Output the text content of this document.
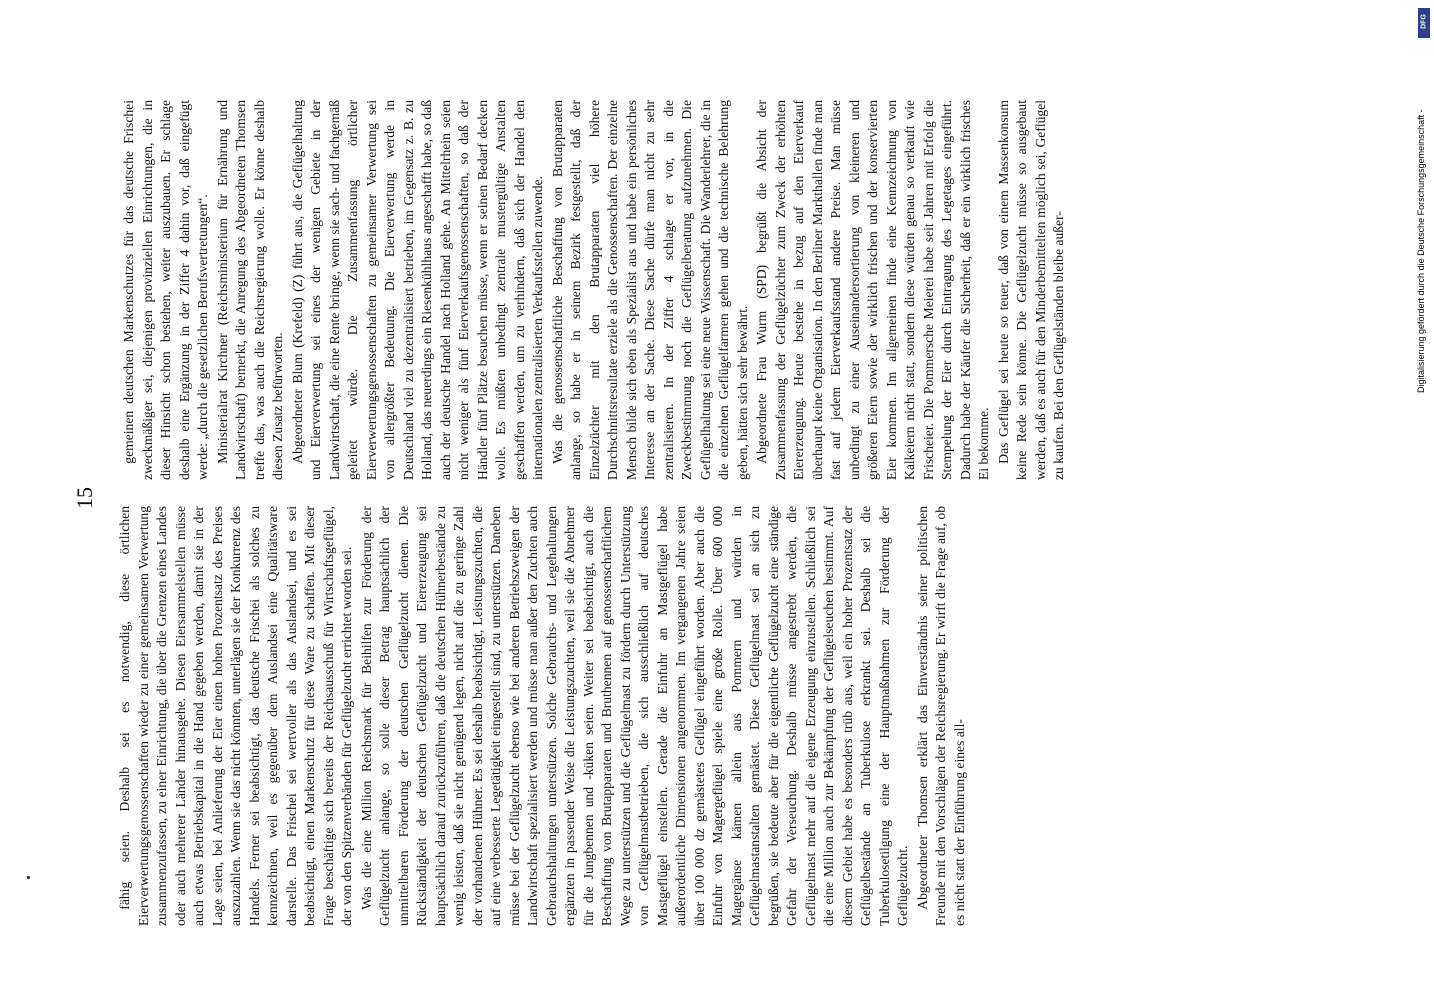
15

fähig seien. Deshalb sei es notwendig, diese örtlichen Eierverwertungsgenossenschaften wieder zu einer gemeinsamen Verwertung zusammenzufassen, zu einer Einrichtung, die über die Grenzen eines Landes oder auch mehrerer Länder hinausgehe. Diesen Eiersammelstellen müsse auch etwas Betriebskapital in die Hand gegeben werden, damit sie in der Lage seien, bei Anlieferung der Eier einen hohen Prozentsatz des Preises auszuzahlen. Wenn sie das nicht könnten, unterlägen sie der Konkurrenz des Handels. Ferner sei beabsichtigt, das deutsche Frischei als solches zu kennzeichnen, weil es gegenüber dem Auslandsei eine Qualitätsware darstelle. Das Frischei sei wertvoller als das Auslandsei, und es sei beabsichtigt, einen Markenschutz für diese Ware zu schaffen. Mit dieser Frage beschäftige sich bereits der Reichsausschuß für Wirtschaftsgeflügel, der von den Spitzenverbänden für Geflügelzucht errichtet worden sei. Was die eine Million Reichsmark für Beihilfen zur Förderung der Geflügelzucht anlange, so solle dieser Betrag hauptsächlich der unmittelbaren Förderung der deutschen Geflügelzucht dienen. Die Rückständigkeit der deutschen Geflügelzucht und Eiererzeugung sei hauptsächlich darauf zurückzuführen, daß die deutschen Hühnerbestände zu wenig leisten, daß sie nicht genügend legen, nicht auf die zu geringe Zahl der vorhandenen Hühner. Es sei deshalb beabsichtigt, Leistungszuchten, die auf eine verbesserte Legetätigkeit eingestellt sind, zu unterstützen. Daneben müsse bei der Geflügelzucht ebenso wie bei anderen Betriebszweigen der Landwirtschaft spezialisiert werden und müsse man außer den Zuchten auch Gebrauchshaltungen unterstützen. Solche Gebrauchs- und Legehaltungen ergänzten in passender Weise die Leistungszuchten, weil sie die Abnehmer für die Jungbennen und -küken seien. Weiter sei beabsichtigt, auch die Beschaffung von Brutapparaten und Bruthennen auf genossenschaftlichem Wege zu unterstützen und die Geflügelmast zu fördern durch Unterstützung von Geflügelmastbetrieben, die sich ausschließlich auf deutsches Mastgeflügel einstellen. Gerade die Einfuhr an Mastgeflügel habe außerordentliche Dimensionen angenommen. Im vergangenen Jahre seien über 100 000 dz gemästetes Geflügel eingeführt worden. Aber auch die Einfuhr von Magergeflügel spiele eine große Rolle. Über 600 000 Magergänse kämen allein aus Pommern und würden in Geflügelmastanstalten gemästet. Diese Geflügelmast sei an sich zu begrüßen, sie bedeute aber für die eigentliche Geflügelzucht eine ständige Gefahr der Verseuchung. Deshalb müsse angestrebt werden, die Geflügelmast mehr auf die eigene Erzeugung einzustellen. Schließlich sei die eine Million auch zur Bekämpfung der Geflügelseuchen bestimmt. Auf diesem Gebiet habe es besonders trüb aus, weil ein hoher Prozentsatz der Geflügelbestände an Tuberkulose erkrankt sei. Deshalb sei die Tuberkulosetilgung eine der Hauptmaßnahmen zur Förderung der Geflügelzucht. Abgeordneter Thomsen erklärt das Einverständnis seiner politischen Freunde mit den Vorschlägen der Reichsregierung. Er wirft die Frage auf, ob es nicht statt der Einführung eines all-

gemeinen deutschen Markenschutzes für das deutsche Frischei zweckmäßiger sei, diejenigen provinziellen Einrichtungen, die in dieser Hinsicht schon bestehen, weiter auszubauen. Er schlage deshalb eine Ergänzung in der Ziffer 4 dahin vor, daß eingefügt werde: „durch die gesetzlichen Berufsvertretungen“. Ministerialrat Kirchner (Reichsministerium für Ernährung und Landwirtschaft) bemerkt, die Anregung des Abgeordneten Thomsen treffe das, was auch die Reichsregierung wolle. Er könne deshalb diesen Zusatz befürworten. Abgeordneter Blum (Krefeld) (Z) führt aus, die Geflügelhaltung und Eierverwertung sei eines der wenigen Gebiete in der Landwirtschaft, die eine Rente bringe, wenn sie sach- und fachgemäß geleitet würde. Die Zusammenfassung örtlicher Eierverwertungsgenossenschaften zu gemeinsamer Verwertung sei von allergrößter Bedeutung. Die Eierverwertung werde in Deutschland viel zu dezentralisiert betrieben, im Gegensatz z. B. zu Holland, das neuerdings ein Riesenkühlhaus angeschafft habe, so daß auch der deutsche Handel nach Holland gehe. An Mittelrhein seien nicht weniger als fünf Eierverkaufsgenossenschaften, so daß der Händler fünf Plätze besuchen müsse, wenn er seinen Bedarf decken wolle. Es müßten unbedingt zentrale mustergültige Anstalten geschaffen werden, um zu verhindern, daß sich der Handel den internationalen zentralisierten Verkaufsstellen zuwende. Was die genossenschaftliche Beschaffung von Brutapparaten anlange, so habe er in seinem Bezirk festgestellt, daß der Einzelzüchter mit den Brutapparaten viel höhere Durchschnittsresultate erziele als die Genossenschaften. Der einzelne Mensch bilde sich eben als Spezialist aus und habe ein persönliches Interesse an der Sache. Diese Sache dürfe man nicht zu sehr zentralisieren. In der Ziffer 4 schlage er vor, in die Zweckbestimmung noch die Geflügelberatung aufzunehmen. Die Geflügelhaltung sei eine neue Wissenschaft. Die Wanderlehrer, die in die einzelnen Geflügelfarmen gehen und die technische Belehrung geben, hätten sich sehr bewährt. Abgeordnete Frau Wurm (SPD) begrüßt die Absicht der Zusammenfassung der Geflügelzüchter zum Zweck der erhöhten Eiererzeugung. Heute bestehe in bezug auf den Eierverkauf überhaupt keine Organisation. In den Berliner Markthallen finde man fast auf jedem Eierverkaufsstand andere Preise. Man müsse unbedingt zu einer Auseinandersortierung von kleineren und größeren Eiern sowie der wirklich frischen und der konservierten Eier kommen. Im allgemeinen finde eine Kennzeichnung von Kalkeiern nicht statt, sondern diese würden genau so verkauft wie Frischeier. Die Pommersche Meierei habe seit Jahren mit Erfolg die Stempelung der Eier durch Eintragung des Legetages eingeführt. Dadurch habe der Käufer die Sicherheit, daß er ein wirklich frisches Ei bekomme. Das Geflügel sei heute so teuer, daß von einem Massenkonsum keine Rede sein könne. Die Geflügelzucht müsse so ausgebaut werden, daß es auch für den Minderbemittelten möglich sei, Geflügel zu kaufen. Bei den Geflügelständen bleibe außer-	Digitalisierung gefördert durch die Deutsche Forschungsgemeinschaft -
DFG
